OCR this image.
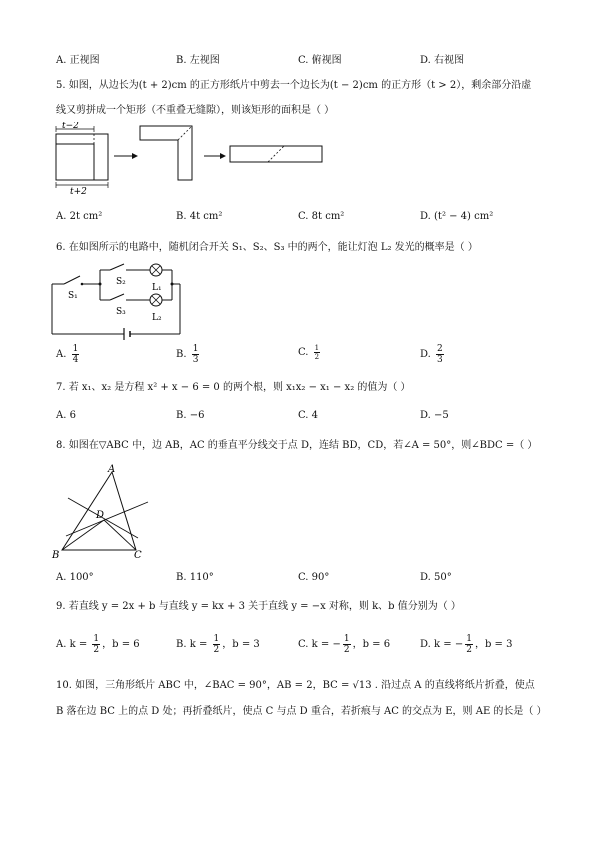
A. 正视图	B. 左视图	C. 俯视图	D. 右视图
5. 如图，从边长为(t + 2)cm 的正方形纸片中剪去一个边长为(t − 2)cm 的正方形（t > 2），剩余部分沿虚
线又剪拼成一个矩形（不重叠无缝隙），则该矩形的面积是（ ）
t−2
t+2
A. 2t cm²	B. 4t cm²	C. 8t cm²	D. (t² − 4) cm²
6. 在如图所示的电路中，随机闭合开关 S₁、S₂、S₃ 中的两个，能让灯泡 L₂ 发光的概率是（ ）
S₁
S₂
L₁
S₃
L₂
A. $\frac{1}{4}$	B. $\frac{1}{3}$	C. $\frac{1}{2}$	D. $\frac{2}{3}$
7. 若 x₁、x₂ 是方程 x² + x − 6 = 0 的两个根，则 x₁x₂ − x₁ − x₂ 的值为（ ）
A. 6	B. −6	C. 4	D. −5
8. 如图在▽ABC 中，边 AB，AC 的垂直平分线交于点 D，连结 BD，CD，若∠A = 50°，则∠BDC =（ ）
A
B	C
D
A. 100°	B. 110°	C. 90°	D. 50°
9. 若直线 y = 2x + b 与直线 y = kx + 3 关于直线 y = −x 对称，则 k、b 值分别为（ ）
A. $k = \frac{1}{2}$ ，b = 6	B. $k = \frac{1}{2}$ ，b = 3	C. k = − $\frac{1}{2}$ ，b = 6	D. k = − $\frac{1}{2}$ ，b = 3
10. 如图，三角形纸片 ABC 中，∠BAC = 90°，AB = 2，BC = √13 . 沿过点 A 的直线将纸片折叠，使点
B 落在边 BC 上的点 D 处；再折叠纸片，使点 C 与点 D 重合，若折痕与 AC 的交点为 E，则 AE 的长是（ ）
